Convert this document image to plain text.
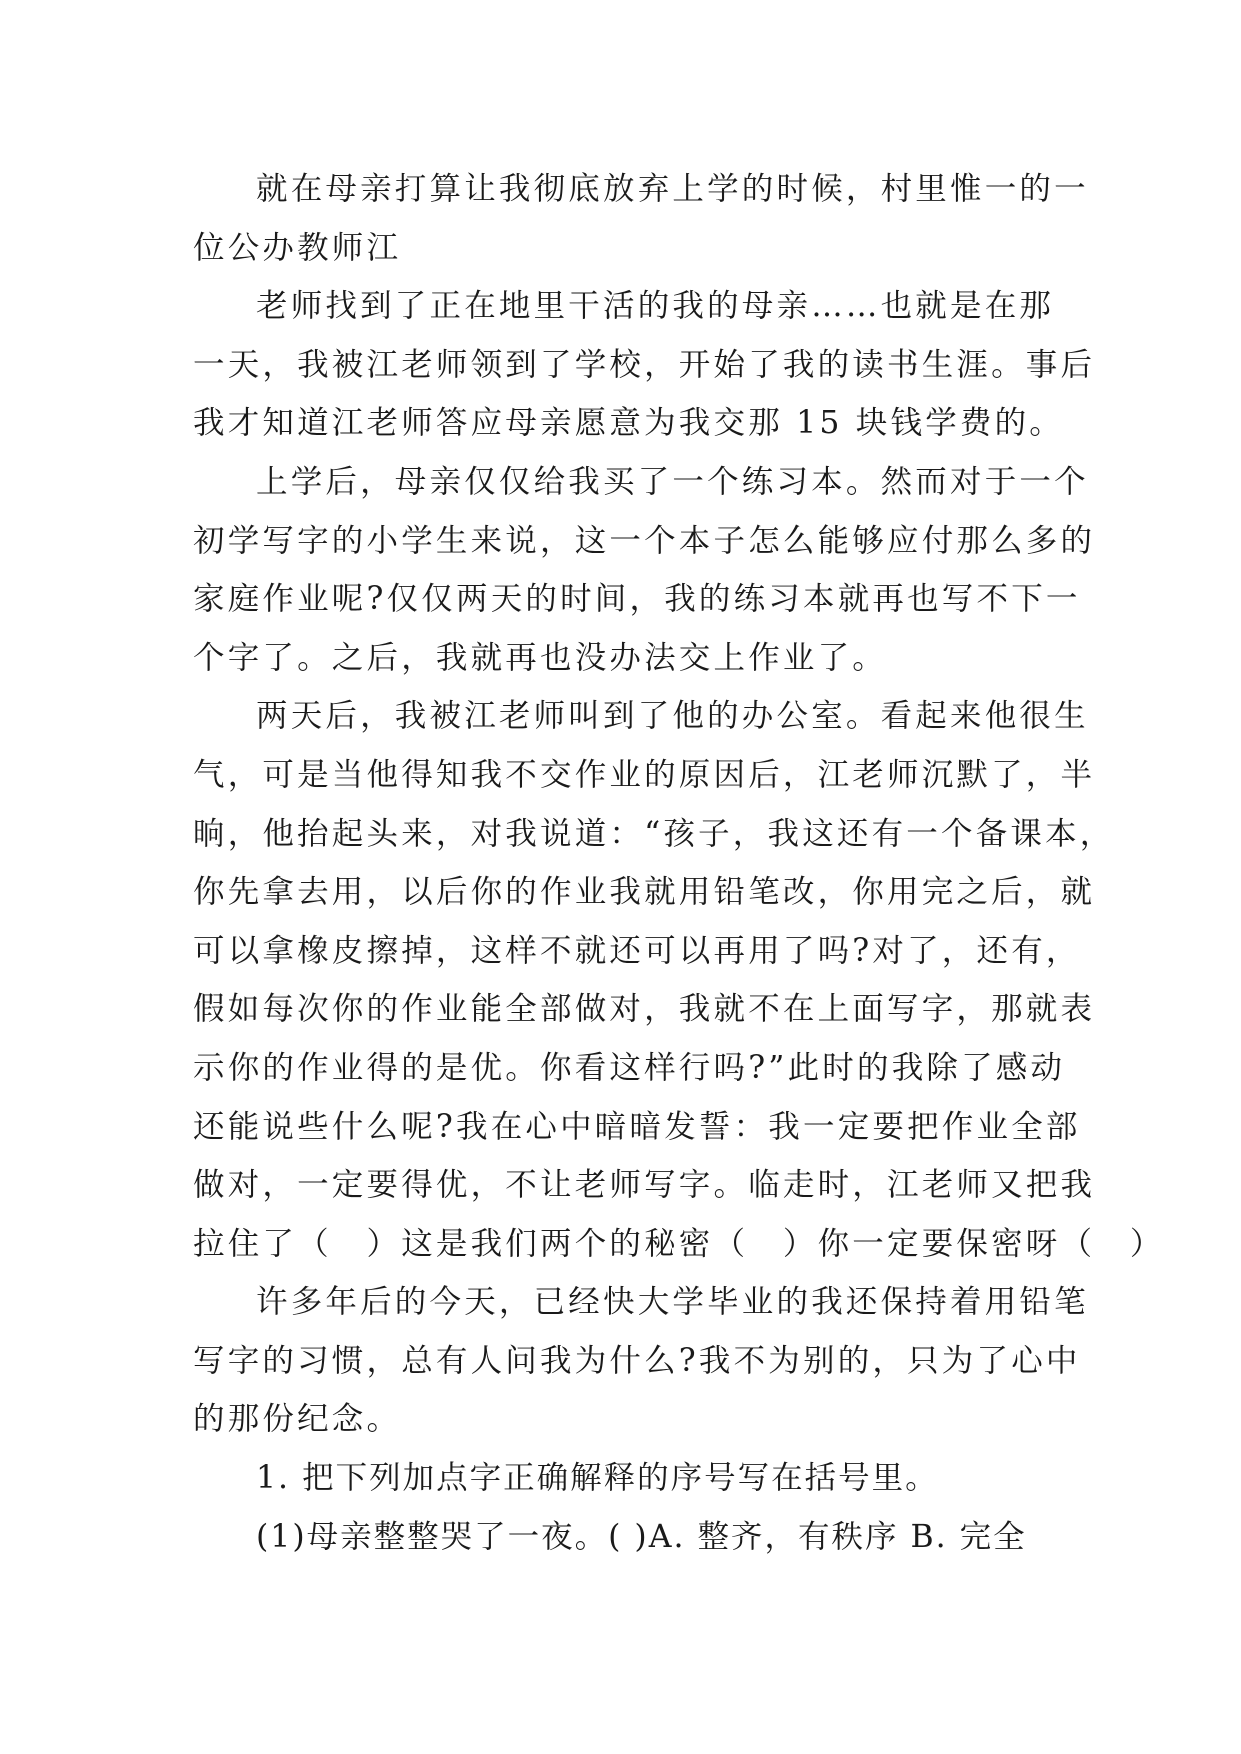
就在母亲打算让我彻底放弃上学的时候，村里惟一的一
位公办教师江

老师找到了正在地里干活的我的母亲……也就是在那
一天，我被江老师领到了学校，开始了我的读书生涯。事后
我才知道江老师答应母亲愿意为我交那 15 块钱学费的。

上学后，母亲仅仅给我买了一个练习本。然而对于一个
初学写字的小学生来说，这一个本子怎么能够应付那么多的
家庭作业呢?仅仅两天的时间，我的练习本就再也写不下一
个字了。之后，我就再也没办法交上作业了。

两天后，我被江老师叫到了他的办公室。看起来他很生
气，可是当他得知我不交作业的原因后，江老师沉默了，半
晌，他抬起头来，对我说道：“孩子，我这还有一个备课本，
你先拿去用，以后你的作业我就用铅笔改，你用完之后，就
可以拿橡皮擦掉，这样不就还可以再用了吗?对了，还有，
假如每次你的作业能全部做对，我就不在上面写字，那就表
示你的作业得的是优。你看这样行吗?”此时的我除了感动
还能说些什么呢?我在心中暗暗发誓：我一定要把作业全部
做对，一定要得优，不让老师写字。临走时，江老师又把我
拉住了（　）这是我们两个的秘密（　）你一定要保密呀（　）

许多年后的今天，已经快大学毕业的我还保持着用铅笔
写字的习惯，总有人问我为什么?我不为别的，只为了心中
的那份纪念。

1. 把下列加点字正确解释的序号写在括号里。

(1)母亲整整哭了一夜。( )A. 整齐，有秩序 B. 完全
